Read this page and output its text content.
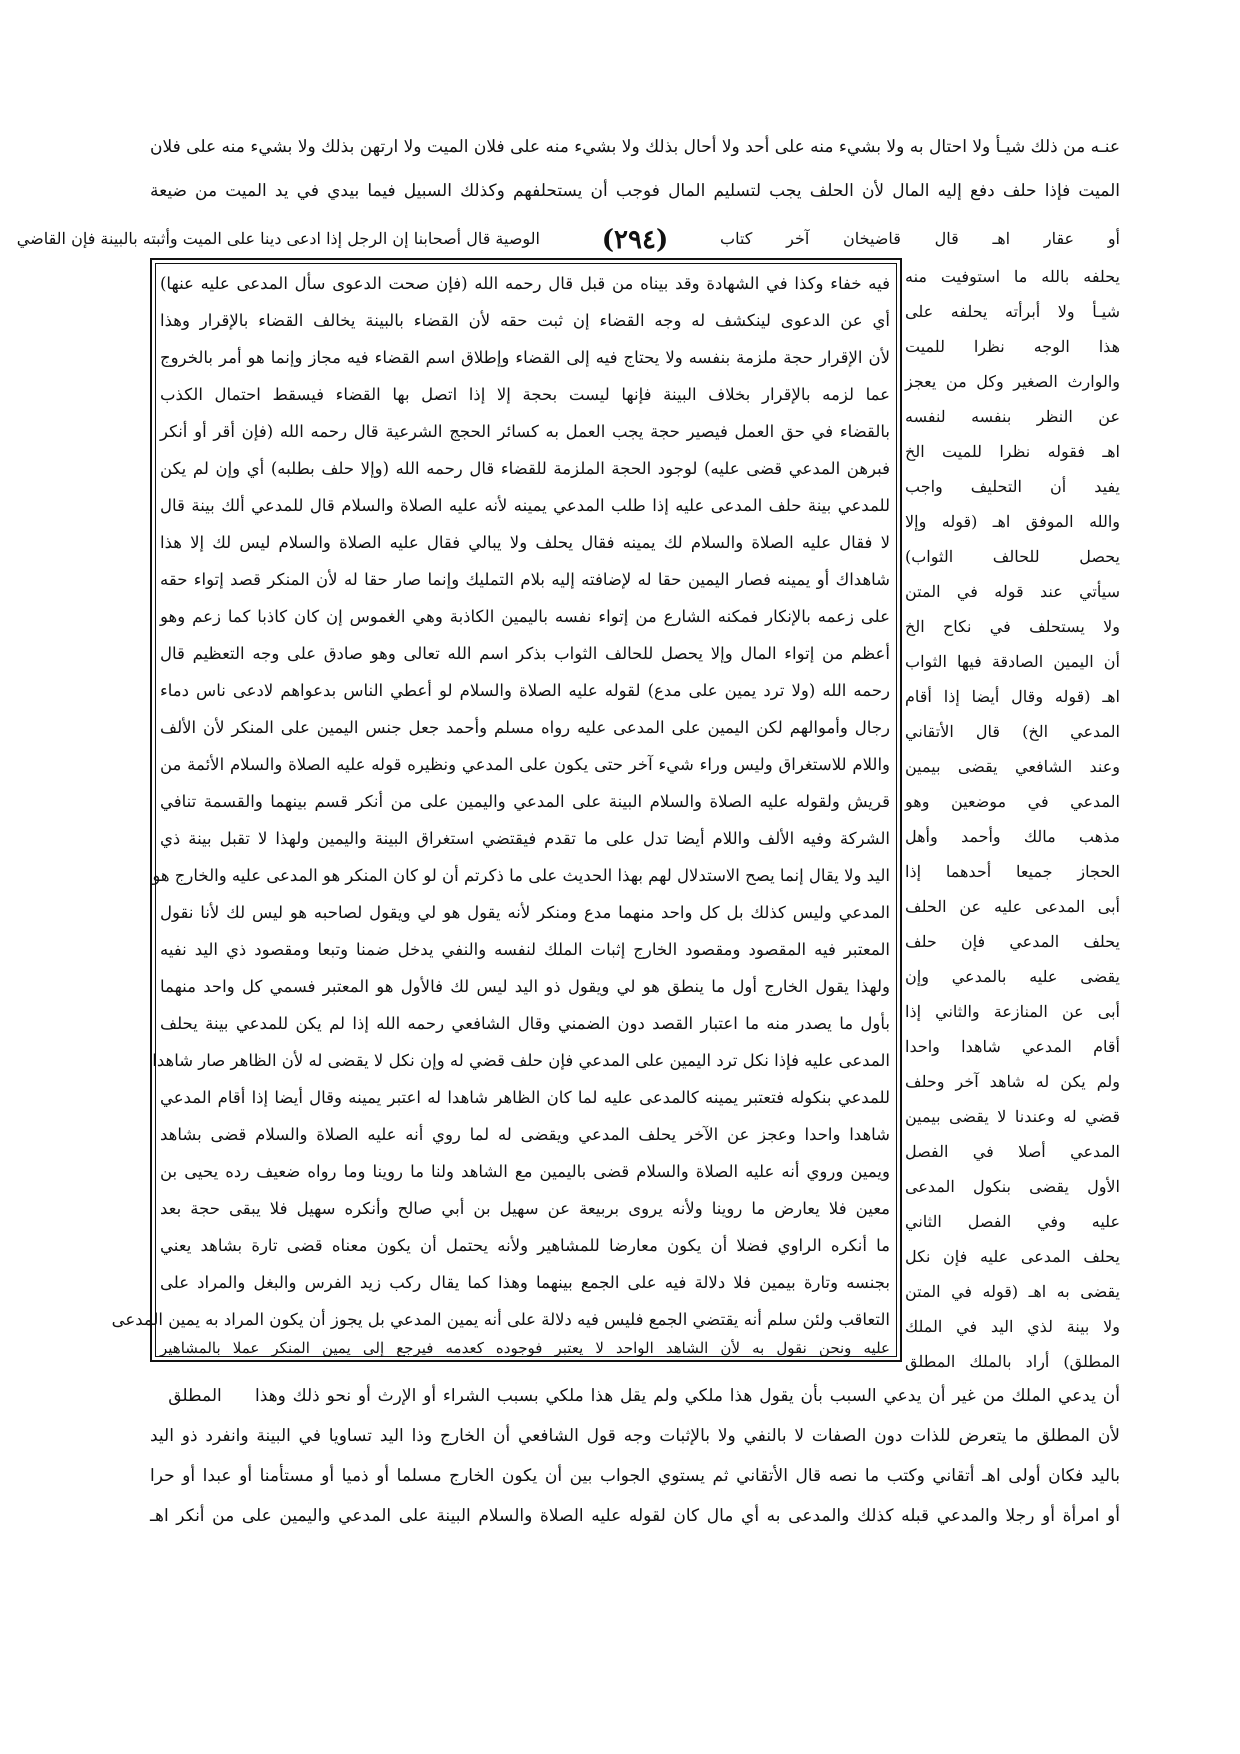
عنـه من ذلك شيـأ ولا احتال به ولا بشيء منه على أحد ولا أحال بذلك ولا بشيء منه على فلان الميت ولا ارتهن بذلك ولا بشيء منه على فلان
الميت فإذا حلف دفع إليه المال لأن الحلف يجب لتسليم المال فوجب أن يستحلفهم وكذلك السبيل فيما بيدي في يد الميت من ضيعة
أو عقار اهـ قال قاضيخان آخر كتاب
الوصية قال أصحابنا إن الرجل إذا ادعى دينا على الميت وأثبته بالبينة فإن القاضي	(٢٩٤)
فيه خفاء وكذا في الشهادة وقد بيناه من قبل قال رحمه الله (فإن صحت الدعوى سأل المدعى عليه عنها)
أي عن الدعوى لينكشف له وجه القضاء إن ثبت حقه لأن القضاء بالبينة يخالف القضاء بالإقرار وهذا
لأن الإقرار حجة ملزمة بنفسه ولا يحتاج فيه إلى القضاء وإطلاق اسم القضاء فيه مجاز وإنما هو أمر بالخروج
عما لزمه بالإقرار بخلاف البينة فإنها ليست بحجة إلا إذا اتصل بها القضاء فيسقط احتمال الكذب
بالقضاء في حق العمل فيصير حجة يجب العمل به كسائر الحجج الشرعية قال رحمه الله (فإن أقر أو أنكر
فبرهن المدعي قضى عليه) لوجود الحجة الملزمة للقضاء قال رحمه الله (وإلا حلف بطلبه) أي وإن لم يكن
للمدعي بينة حلف المدعى عليه إذا طلب المدعي يمينه لأنه عليه الصلاة والسلام قال للمدعي ألك بينة قال
لا فقال عليه الصلاة والسلام لك يمينه فقال يحلف ولا يبالي فقال عليه الصلاة والسلام ليس لك إلا هذا
شاهداك أو يمينه فصار اليمين حقا له لإضافته إليه بلام التمليك وإنما صار حقا له لأن المنكر قصد إتواء حقه
على زعمه بالإنكار فمكنه الشارع من إتواء نفسه باليمين الكاذبة وهي الغموس إن كان كاذبا كما زعم وهو
أعظم من إتواء المال وإلا يحصل للحالف الثواب بذكر اسم الله تعالى وهو صادق على وجه التعظيم قال
رحمه الله (ولا ترد يمين على مدع) لقوله عليه الصلاة والسلام لو أعطي الناس بدعواهم لادعى ناس دماء
رجال وأموالهم لكن اليمين على المدعى عليه رواه مسلم وأحمد جعل جنس اليمين على المنكر لأن الألف
واللام للاستغراق وليس وراء شيء آخر حتى يكون على المدعي ونظيره قوله عليه الصلاة والسلام الأئمة من
قريش ولقوله عليه الصلاة والسلام البينة على المدعي واليمين على من أنكر قسم بينهما والقسمة تنافي
الشركة وفيه الألف واللام أيضا تدل على ما تقدم فيقتضي استغراق البينة واليمين ولهذا لا تقبل بينة ذي
اليد ولا يقال إنما يصح الاستدلال لهم بهذا الحديث على ما ذكرتم أن لو كان المنكر هو المدعى عليه والخارج هو
المدعي وليس كذلك بل كل واحد منهما مدع ومنكر لأنه يقول هو لي ويقول لصاحبه هو ليس لك لأنا نقول
المعتبر فيه المقصود ومقصود الخارج إثبات الملك لنفسه والنفي يدخل ضمنا وتبعا ومقصود ذي اليد نفيه
ولهذا يقول الخارج أول ما ينطق هو لي ويقول ذو اليد ليس لك فالأول هو المعتبر فسمي كل واحد منهما
بأول ما يصدر منه ما اعتبار القصد دون الضمني وقال الشافعي رحمه الله إذا لم يكن للمدعي بينة يحلف
المدعى عليه فإذا نكل ترد اليمين على المدعي فإن حلف قضي له وإن نكل لا يقضى له لأن الظاهر صار شاهدا
للمدعي بنكوله فتعتبر يمينه كالمدعى عليه لما كان الظاهر شاهدا له اعتبر يمينه وقال أيضا إذا أقام المدعي
شاهدا واحدا وعجز عن الآخر يحلف المدعي ويقضى له لما روي أنه عليه الصلاة والسلام قضى بشاهد
ويمين وروي أنه عليه الصلاة والسلام قضى باليمين مع الشاهد ولنا ما روينا وما رواه ضعيف رده يحيى بن
معين فلا يعارض ما روينا ولأنه يروى بربيعة عن سهيل بن أبي صالح وأنكره سهيل فلا يبقى حجة بعد
ما أنكره الراوي فضلا أن يكون معارضا للمشاهير ولأنه يحتمل أن يكون معناه قضى تارة بشاهد يعني
بجنسه وتارة بيمين فلا دلالة فيه على الجمع بينهما وهذا كما يقال ركب زيد الفرس والبغل والمراد على
التعاقب ولئن سلم أنه يقتضي الجمع فليس فيه دلالة على أنه يمين المدعي بل يجوز أن يكون المراد به يمين المدعى
يحلفه بالله ما استوفيت منه
شيـأ ولا أبرأته يحلفه على
هذا الوجه نظرا للميت
والوارث الصغير وكل من يعجز
عن النظر بنفسه لنفسه
اهـ فقوله نظرا للميت الخ
يفيد أن التحليف واجب
والله الموفق اهـ (قوله وإلا
يحصل للحالف الثواب)
سيأتي عند قوله في المتن
ولا يستحلف في نكاح الخ
أن اليمين الصادقة فيها الثواب
اهـ (قوله وقال أيضا إذا أقام
المدعي الخ) قال الأتقاني
وعند الشافعي يقضى بيمين
المدعي في موضعين وهو
مذهب مالك وأحمد وأهل
الحجاز جميعا أحدهما إذا
أبى المدعى عليه عن الحلف
يحلف المدعي فإن حلف
يقضى عليه بالمدعي وإن
أبى عن المنازعة والثاني إذا
أقام المدعي شاهدا واحدا
ولم يكن له شاهد آخر وحلف
قضي له وعندنا لا يقضى بيمين
المدعي أصلا في الفصل
الأول يقضى بنكول المدعى
عليه وفي الفصل الثاني
يحلف المدعى عليه فإن نكل
يقضى به اهـ (قوله في المتن
ولا بينة لذي اليد في الملك
المطلق) أراد بالملك المطلق
عليه ونحن نقول به لأن الشاهد الواحد لا يعتبر فوجوده كعدمه فيرجع إلى يمين المنكر عملا بالمشاهير
أن يدعي الملك من غير أن يدعي السبب بأن يقول هذا ملكي ولم يقل هذا ملكي بسبب الشراء أو الإرث أو نحو ذلك وهذا
المطلق
لأن المطلق ما يتعرض للذات دون الصفات لا بالنفي ولا بالإثبات وجه قول الشافعي أن الخارج وذا اليد تساويا في البينة وانفرد ذو اليد
باليد فكان أولى اهـ أتقاني وكتب ما نصه قال الأتقاني ثم يستوي الجواب بين أن يكون الخارج مسلما أو ذميا أو مستأمنا أو عبدا أو حرا
أو امرأة أو رجلا والمدعي قبله كذلك والمدعى به أي مال كان لقوله عليه الصلاة والسلام البينة على المدعي واليمين على من أنكر اهـ
